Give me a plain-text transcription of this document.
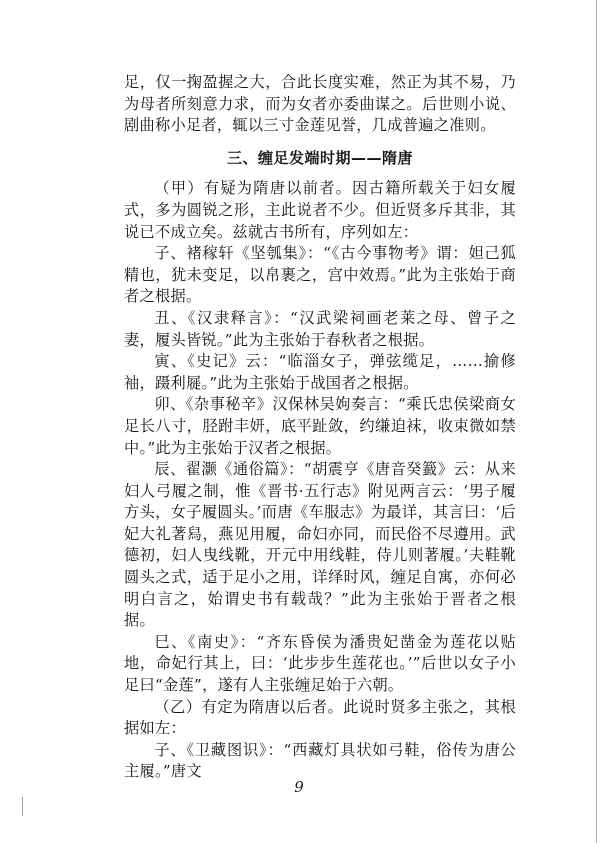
足，仅一掬盈握之大，合此长度实难，然正为其不易，乃为母者所刻意力求，而为女者亦委曲谋之。后世则小说、剧曲称小足者，辄以三寸金莲见誉，几成普遍之准则。

三、缠足发端时期——隋唐

（甲）有疑为隋唐以前者。因古籍所载关于妇女履式，多为圆锐之形，主此说者不少。但近贤多斥其非，其说已不成立矣。兹就古书所有，序列如左：

子、褚稼轩《坚瓠集》：“《古今事物考》谓：妲己狐精也，犹未变足，以帛裹之，宫中效焉。”此为主张始于商者之根据。

丑、《汉隶释言》：“汉武梁祠画老莱之母、曾子之妻，履头皆锐。”此为主张始于春秋者之根据。

寅、《史记》云：“临淄女子，弹弦缆足，……揄修袖，蹑利屣。”此为主张始于战国者之根据。

卯、《杂事秘辛》汉保林吴姁奏言：“乘氏忠侯梁商女足长八寸，胫跗丰妍，底平趾敛，约缣迫袜，收束微如禁中。”此为主张始于汉者之根据。

辰、翟灏《通俗篇》：“胡震亨《唐音癸籖》云：从来妇人弓履之制，惟《晋书·五行志》附见两言云：‘男子履方头，女子履圆头。’而唐《车服志》为最详，其言曰：‘后妃大礼著舄，燕见用履，命妇亦同，而民俗不尽遵用。武德初，妇人曳线靴，开元中用线鞋，侍儿则著履。’夫鞋靴圆头之式，适于足小之用，详绎时风，缠足自寓，亦何必明白言之，始谓史书有载哉？”此为主张始于晋者之根据。

巳、《南史》：“齐东昏侯为潘贵妃凿金为莲花以贴地，命妃行其上，曰：‘此步步生莲花也。’”后世以女子小足曰“金莲”，遂有人主张缠足始于六朝。

（乙）有定为隋唐以后者。此说时贤多主张之，其根据如左：

子、《卫藏图识》：“西藏灯具状如弓鞋，俗传为唐公主履。”唐文

9
